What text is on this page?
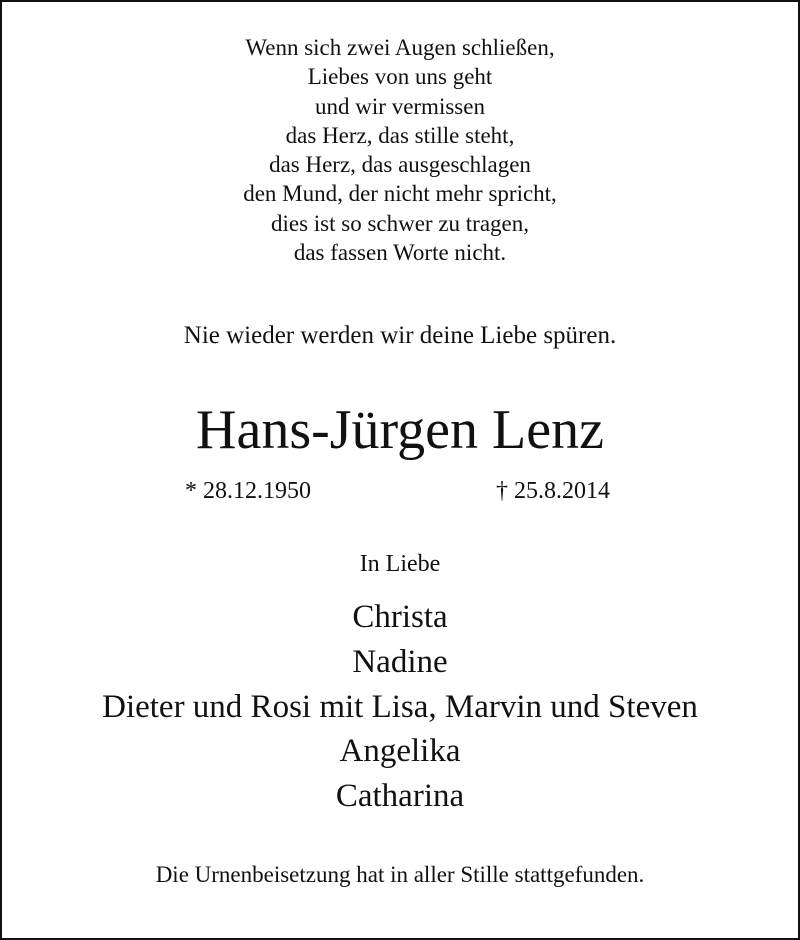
Wenn sich zwei Augen schließen,
Liebes von uns geht
und wir vermissen
das Herz, das stille steht,
das Herz, das ausgeschlagen
den Mund, der nicht mehr spricht,
dies ist so schwer zu tragen,
das fassen Worte nicht.
Nie wieder werden wir deine Liebe spüren.
Hans-Jürgen Lenz
* 28.12.1950	† 25.8.2014
In Liebe
Christa
Nadine
Dieter und Rosi mit Lisa, Marvin und Steven
Angelika
Catharina
Die Urnenbeisetzung hat in aller Stille stattgefunden.
